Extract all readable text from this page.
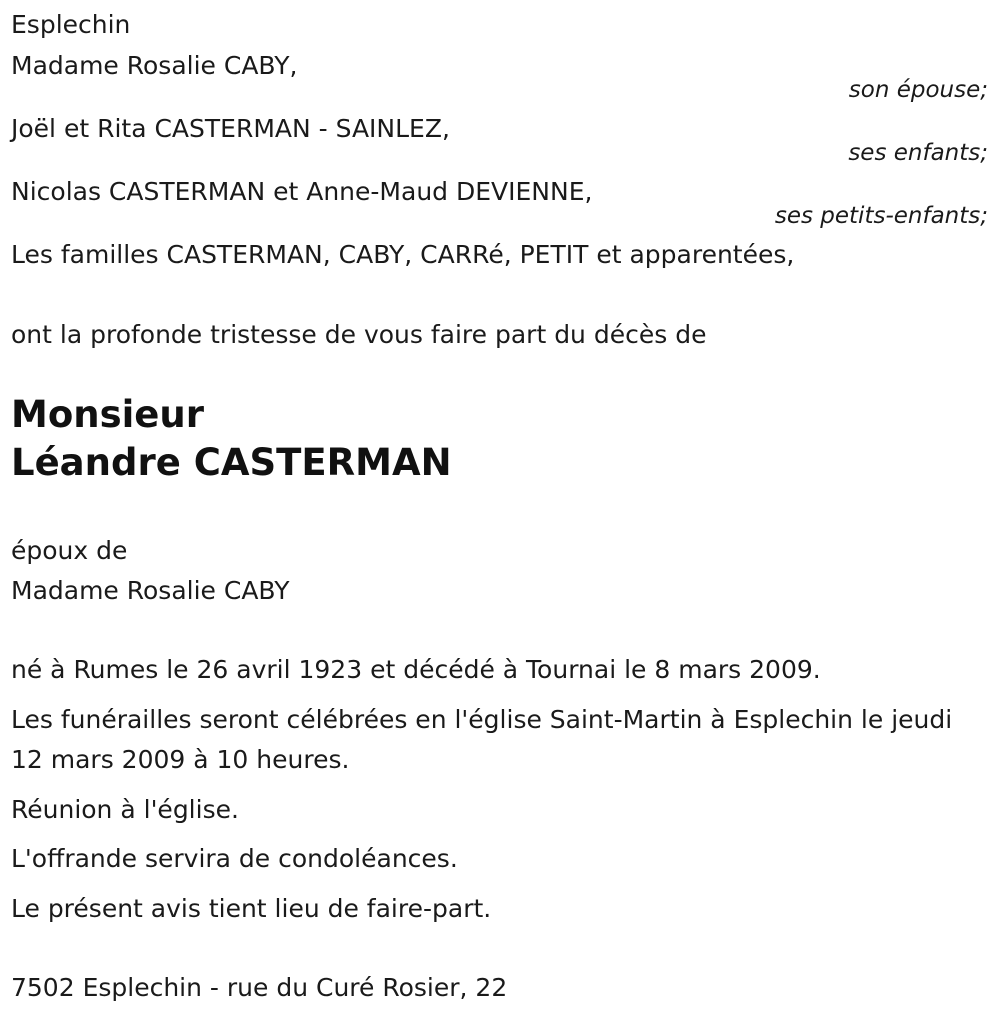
Esplechin
Madame Rosalie CABY,
son épouse;
Joël et Rita CASTERMAN - SAINLEZ,
ses enfants;
Nicolas CASTERMAN et Anne-Maud DEVIENNE,
ses petits-enfants;
Les familles CASTERMAN, CABY, CARRé, PETIT et apparentées,
ont la profonde tristesse de vous faire part du décès de
Monsieur
Léandre CASTERMAN
époux de
Madame Rosalie CABY
né à Rumes le 26 avril 1923 et décédé à Tournai le 8 mars 2009.
Les funérailles seront célébrées en l'église Saint-Martin à Esplechin le jeudi 12 mars 2009 à 10 heures.
Réunion à l'église.
L'offrande servira de condoléances.
Le présent avis tient lieu de faire-part.
7502 Esplechin - rue du Curé Rosier, 22
